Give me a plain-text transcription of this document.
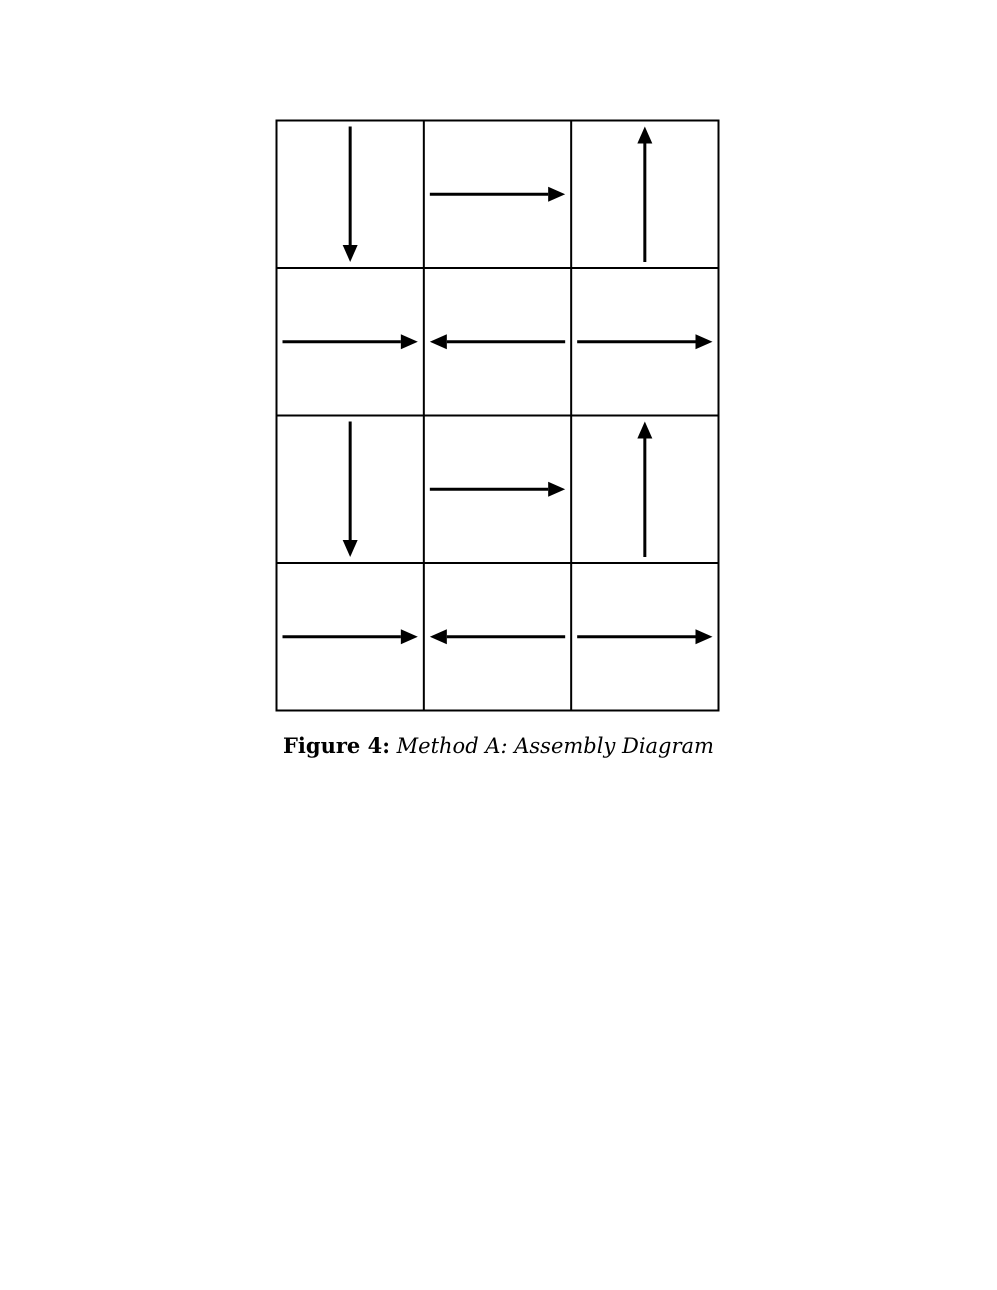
Figure 4: Method A: Assembly Diagram
